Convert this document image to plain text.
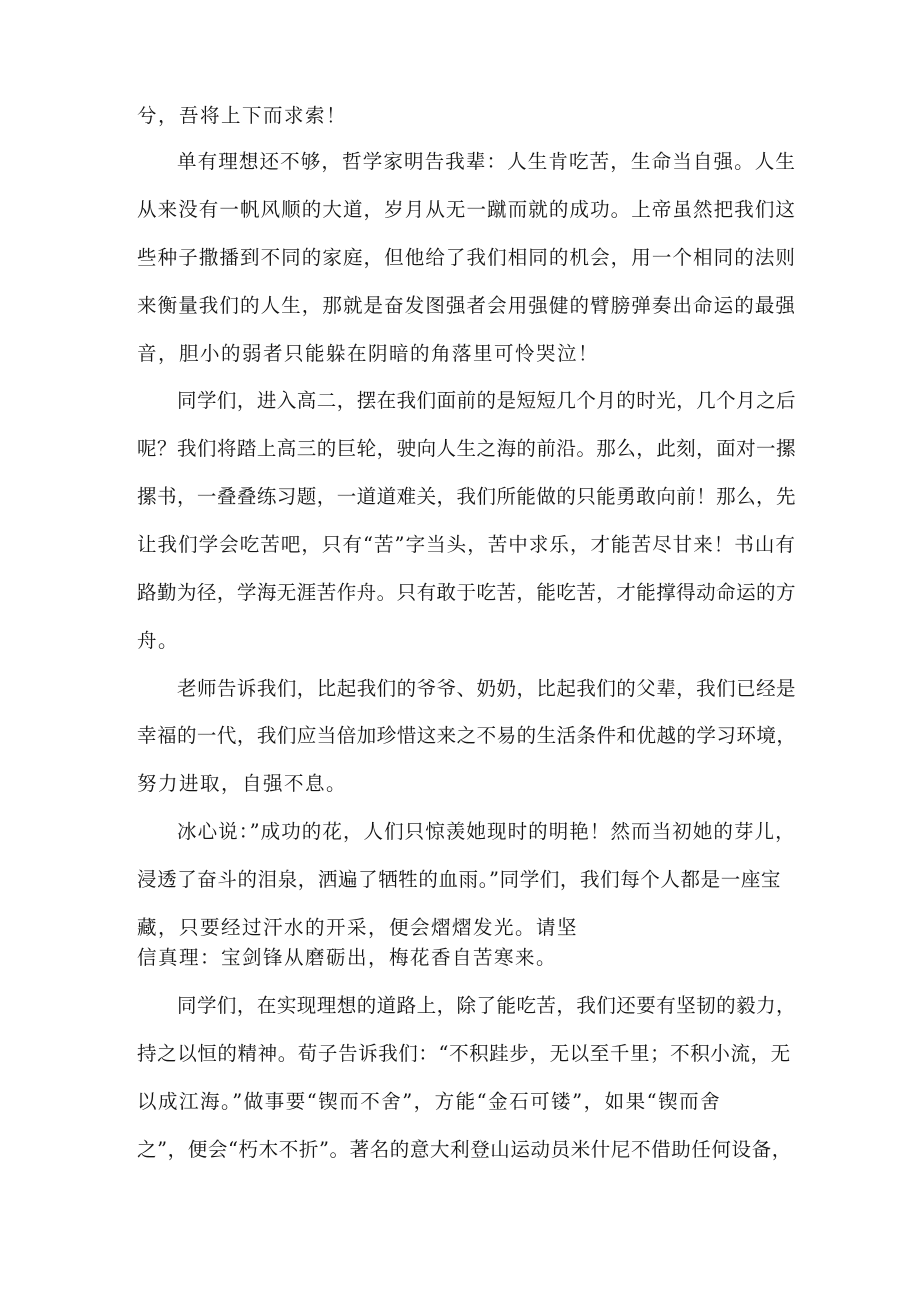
兮，吾将上下而求索！
单有理想还不够，哲学家明告我辈：人生肯吃苦，生命当自强。人生
从来没有一帆风顺的大道，岁月从无一蹴而就的成功。上帝虽然把我们这
些种子撒播到不同的家庭，但他给了我们相同的机会，用一个相同的法则
来衡量我们的人生，那就是奋发图强者会用强健的臂膀弹奏出命运的最强
音，胆小的弱者只能躲在阴暗的角落里可怜哭泣！
同学们，进入高二，摆在我们面前的是短短几个月的时光，几个月之后
呢？我们将踏上高三的巨轮，驶向人生之海的前沿。那么，此刻，面对一摞
摞书，一叠叠练习题，一道道难关，我们所能做的只能勇敢向前！那么，先
让我们学会吃苦吧，只有“苦”字当头，苦中求乐，才能苦尽甘来！书山有
路勤为径，学海无涯苦作舟。只有敢于吃苦，能吃苦，才能撑得动命运的方
舟。
老师告诉我们，比起我们的爷爷、奶奶，比起我们的父辈，我们已经是
幸福的一代，我们应当倍加珍惜这来之不易的生活条件和优越的学习环境，
努力进取，自强不息。
冰心说：”成功的花，人们只惊羡她现时的明艳！然而当初她的芽儿，
浸透了奋斗的泪泉，洒遍了牺牲的血雨。”同学们，我们每个人都是一座宝
藏，只要经过汗水的开采，便会熠熠发光。请坚
信真理：宝剑锋从磨砺出，梅花香自苦寒来。
同学们，在实现理想的道路上，除了能吃苦，我们还要有坚韧的毅力，
持之以恒的精神。荀子告诉我们：“不积跬步，无以至千里；不积小流，无
以成江海。”做事要“锲而不舍”，方能“金石可镂”，如果“锲而舍
之”，便会“朽木不折”。著名的意大利登山运动员米什尼不借助任何设备，
